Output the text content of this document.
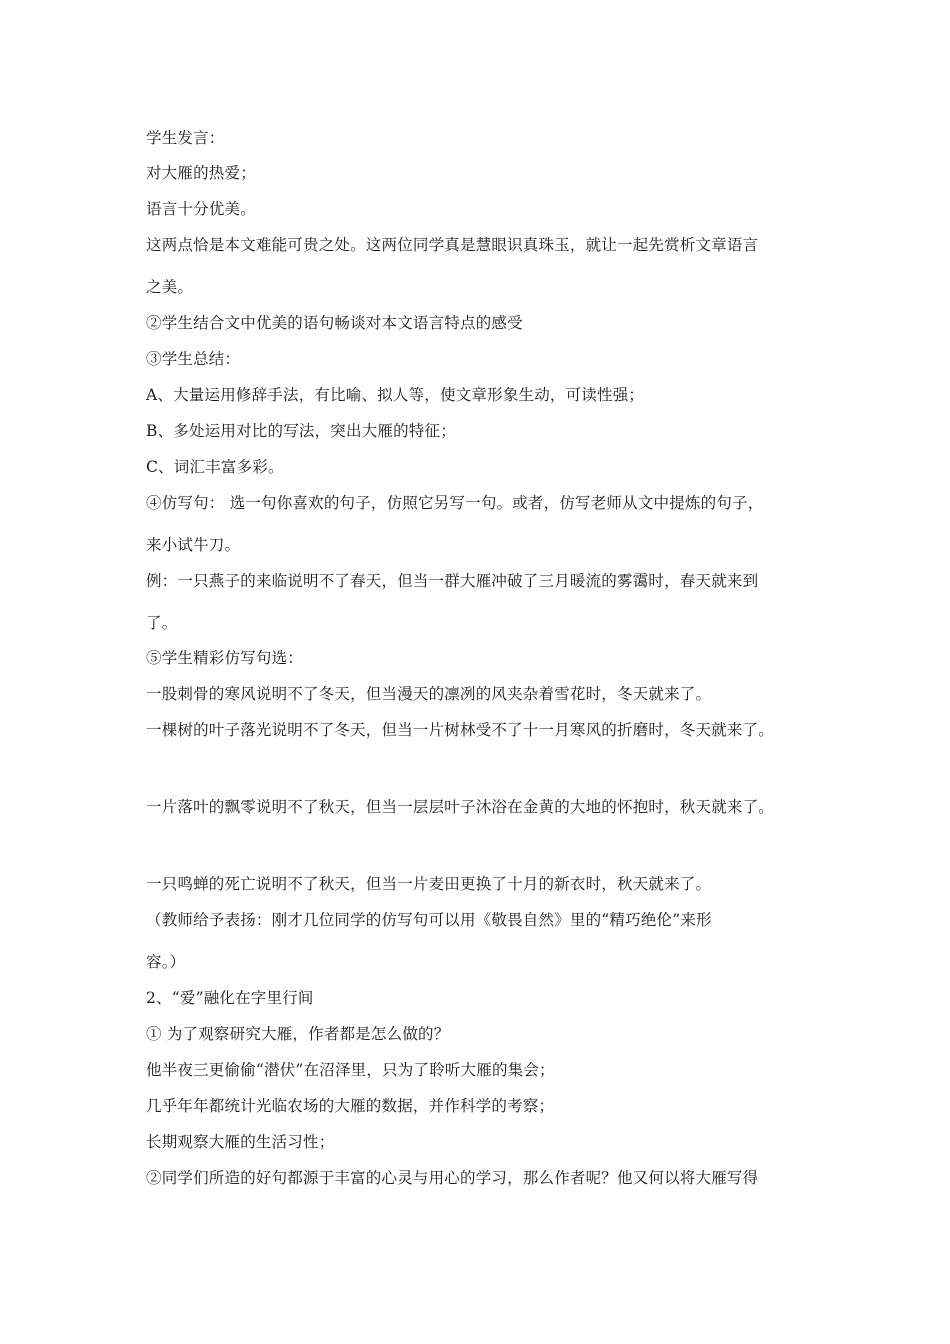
学生发言：
对大雁的热爱；
语言十分优美。
这两点恰是本文难能可贵之处。这两位同学真是慧眼识真珠玉，就让一起先赏析文章语言
之美。
②学生结合文中优美的语句畅谈对本文语言特点的感受
③学生总结：
A、大量运用修辞手法，有比喻、拟人等，使文章形象生动，可读性强；
B、多处运用对比的写法，突出大雁的特征；
C、词汇丰富多彩。
④仿写句： 选一句你喜欢的句子，仿照它另写一句。或者，仿写老师从文中提炼的句子，
来小试牛刀。
例：一只燕子的来临说明不了春天，但当一群大雁冲破了三月暖流的雾霭时，春天就来到
了。
⑤学生精彩仿写句选：
一股刺骨的寒风说明不了冬天，但当漫天的凛冽的风夹杂着雪花时，冬天就来了。
一棵树的叶子落光说明不了冬天，但当一片树林受不了十一月寒风的折磨时，冬天就来了。
一片落叶的飘零说明不了秋天，但当一层层叶子沐浴在金黄的大地的怀抱时，秋天就来了。
一只鸣蝉的死亡说明不了秋天，但当一片麦田更换了十月的新衣时，秋天就来了。
（教师给予表扬：刚才几位同学的仿写句可以用《敬畏自然》里的“精巧绝伦”来形
容。）
2、“爱”融化在字里行间
① 为了观察研究大雁，作者都是怎么做的？
他半夜三更偷偷“潜伏”在沼泽里，只为了聆听大雁的集会；
几乎年年都统计光临农场的大雁的数据，并作科学的考察；
长期观察大雁的生活习性；
②同学们所造的好句都源于丰富的心灵与用心的学习，那么作者呢？他又何以将大雁写得
